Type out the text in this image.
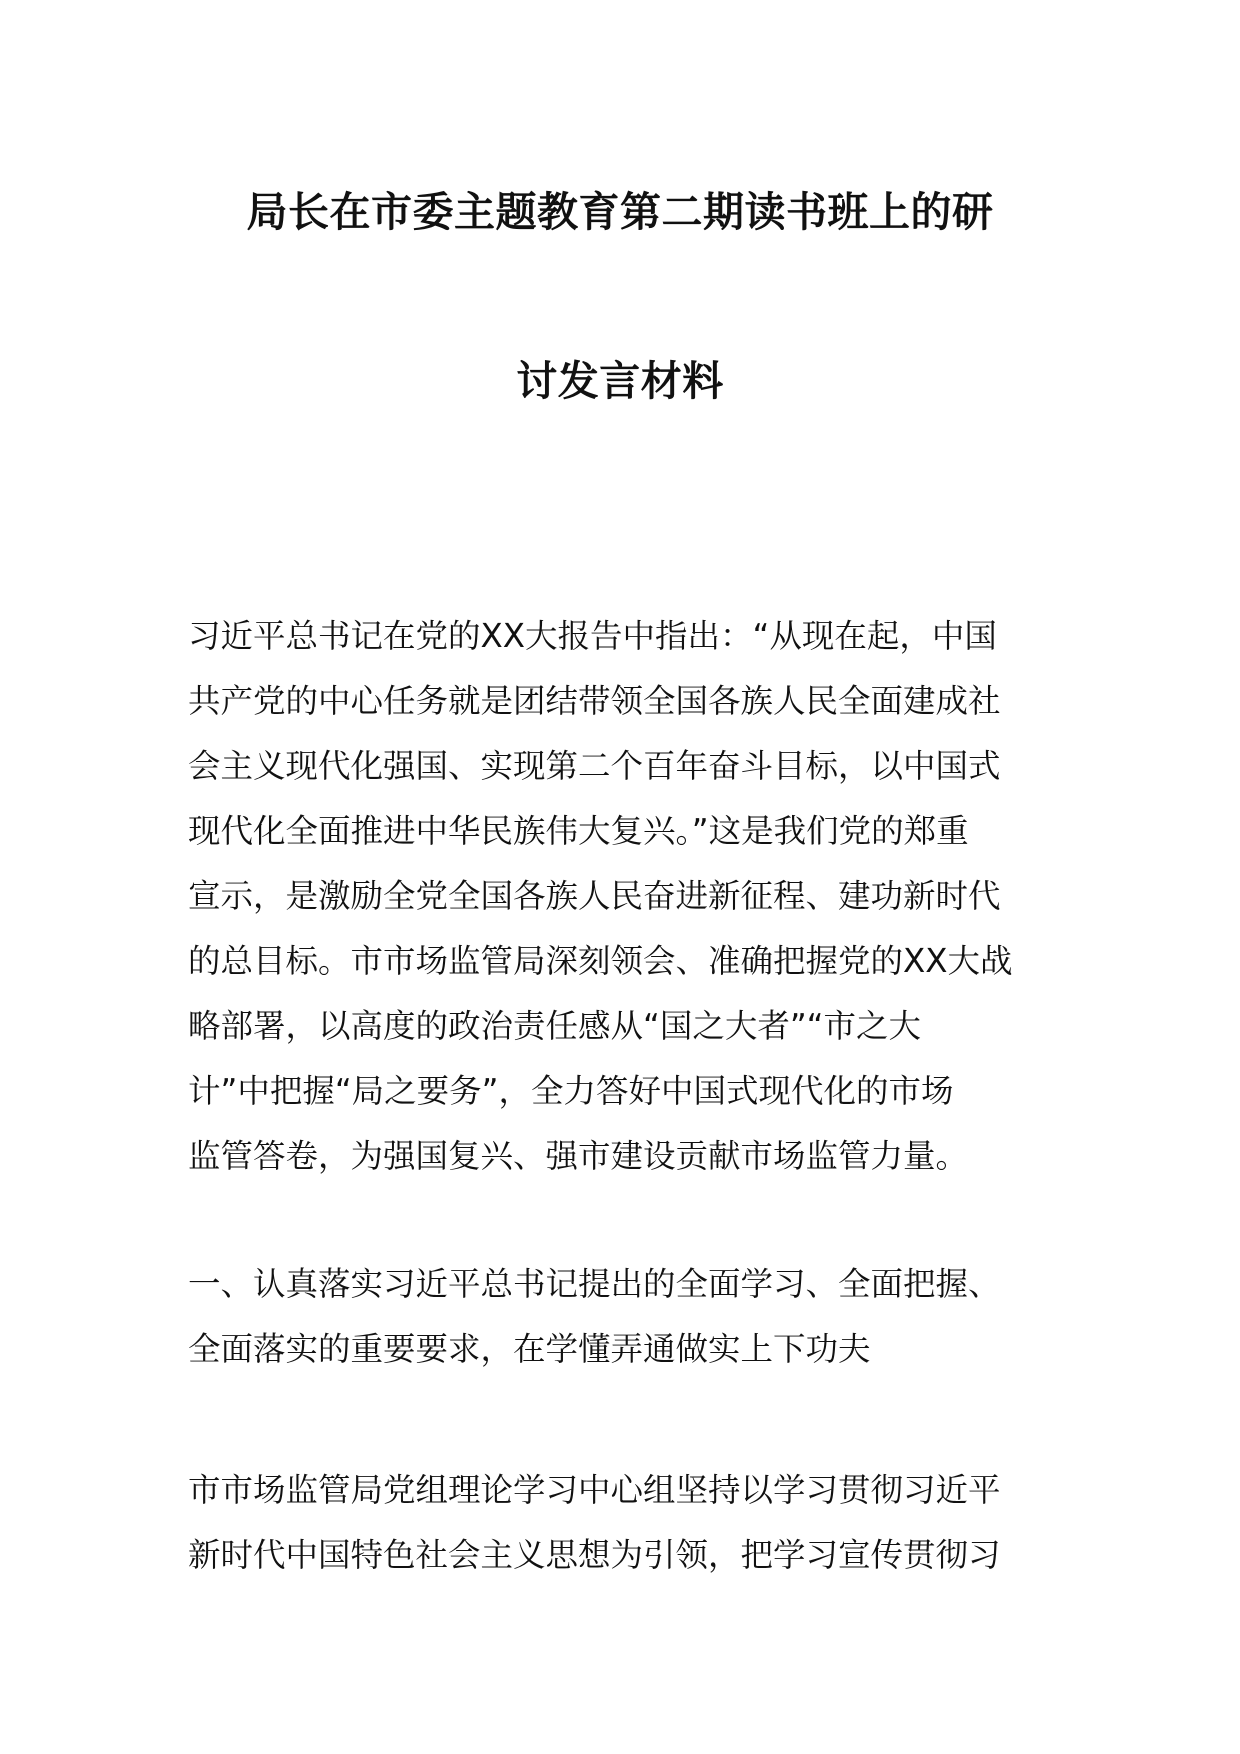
局长在市委主题教育第二期读书班上的研
讨发言材料
习近平总书记在党的XX大报告中指出：“从现在起，中国
共产党的中心任务就是团结带领全国各族人民全面建成社
会主义现代化强国、实现第二个百年奋斗目标，以中国式
现代化全面推进中华民族伟大复兴。”这是我们党的郑重
宣示，是激励全党全国各族人民奋进新征程、建功新时代
的总目标。市市场监管局深刻领会、准确把握党的XX大战
略部署，以高度的政治责任感从“国之大者”“市之大
计”中把握“局之要务”，全力答好中国式现代化的市场
监管答卷，为强国复兴、强市建设贡献市场监管力量。
一、认真落实习近平总书记提出的全面学习、全面把握、
全面落实的重要要求，在学懂弄通做实上下功夫
市市场监管局党组理论学习中心组坚持以学习贯彻习近平
新时代中国特色社会主义思想为引领，把学习宣传贯彻习
